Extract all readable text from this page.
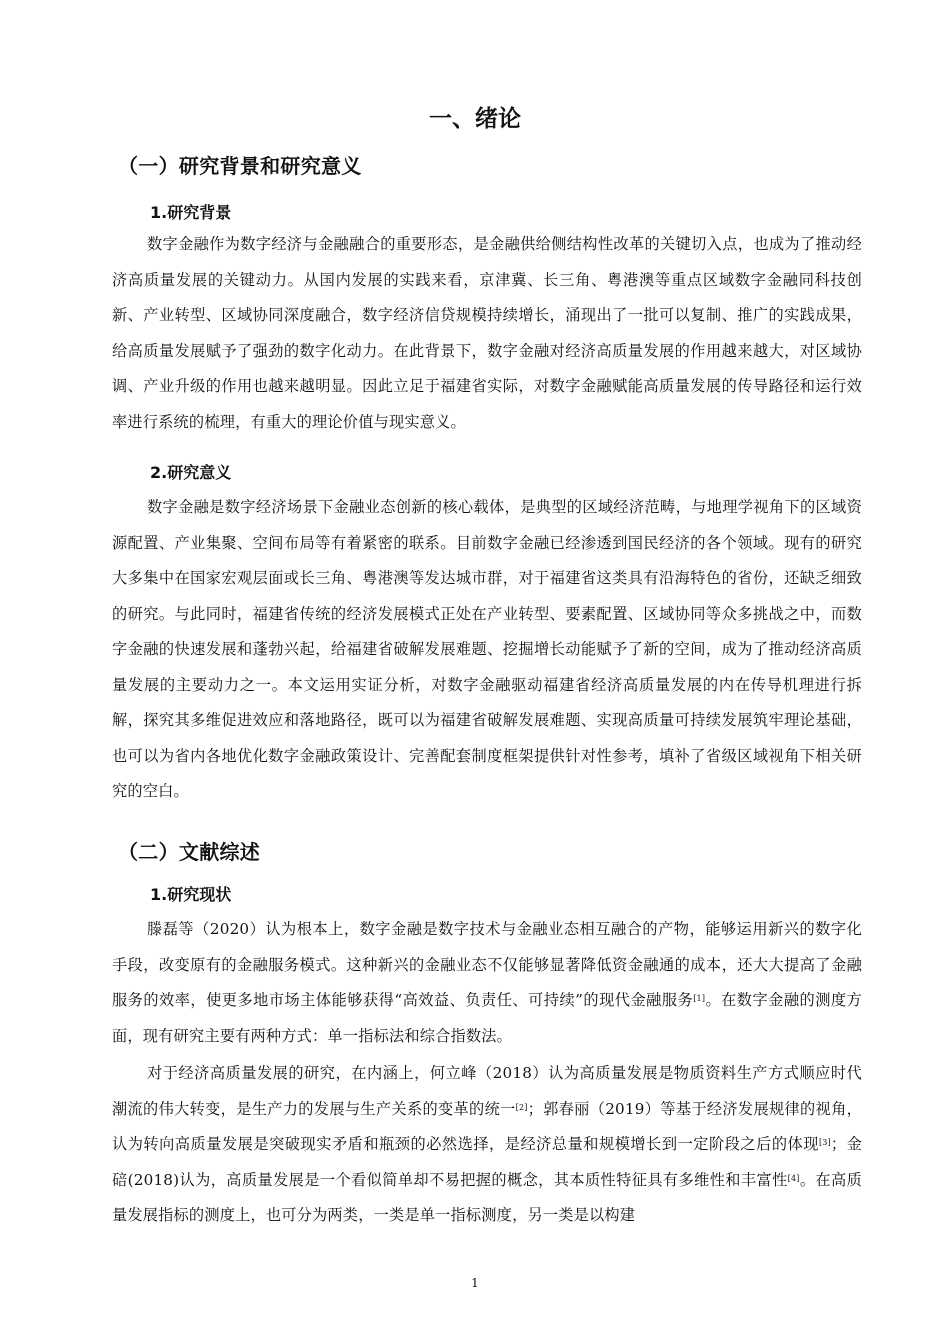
一、绪论
（一）研究背景和研究意义
1.研究背景

数字金融作为数字经济与金融融合的重要形态，是金融供给侧结构性改革的关键切入点，也成为了推动经济高质量发展的关键动力。从国内发展的实践来看，京津冀、长三角、粤港澳等重点区域数字金融同科技创新、产业转型、区域协同深度融合，数字经济信贷规模持续增长，涌现出了一批可以复制、推广的实践成果，给高质量发展赋予了强劲的数字化动力。在此背景下，数字金融对经济高质量发展的作用越来越大，对区域协调、产业升级的作用也越来越明显。因此立足于福建省实际，对数字金融赋能高质量发展的传导路径和运行效率进行系统的梳理，有重大的理论价值与现实意义。

2.研究意义

数字金融是数字经济场景下金融业态创新的核心载体，是典型的区域经济范畴，与地理学视角下的区域资源配置、产业集聚、空间布局等有着紧密的联系。目前数字金融已经渗透到国民经济的各个领域。现有的研究大多集中在国家宏观层面或长三角、粤港澳等发达城市群，对于福建省这类具有沿海特色的省份，还缺乏细致的研究。与此同时，福建省传统的经济发展模式正处在产业转型、要素配置、区域协同等众多挑战之中，而数字金融的快速发展和蓬勃兴起，给福建省破解发展难题、挖掘增长动能赋予了新的空间，成为了推动经济高质量发展的主要动力之一。本文运用实证分析，对数字金融驱动福建省经济高质量发展的内在传导机理进行拆解，探究其多维促进效应和落地路径，既可以为福建省破解发展难题、实现高质量可持续发展筑牢理论基础，也可以为省内各地优化数字金融政策设计、完善配套制度框架提供针对性参考，填补了省级区域视角下相关研究的空白。

（二）文献综述
1.研究现状

滕磊等（2020）认为根本上，数字金融是数字技术与金融业态相互融合的产物，能够运用新兴的数字化手段，改变原有的金融服务模式。这种新兴的金融业态不仅能够显著降低资金融通的成本，还大大提高了金融服务的效率，使更多地市场主体能够获得“高效益、负责任、可持续”的现代金融服务[1]。在数字金融的测度方面，现有研究主要有两种方式：单一指标法和综合指数法。

对于经济高质量发展的研究，在内涵上，何立峰（2018）认为高质量发展是物质资料生产方式顺应时代潮流的伟大转变，是生产力的发展与生产关系的变革的统一[2]；郭春丽（2019）等基于经济发展规律的视角，认为转向高质量发展是突破现实矛盾和瓶颈的必然选择，是经济总量和规模增长到一定阶段之后的体现[3]；金碚(2018)认为，高质量发展是一个看似简单却不易把握的概念，其本质性特征具有多维性和丰富性[4]。在高质量发展指标的测度上，也可分为两类，一类是单一指标测度，另一类是以构建

1
